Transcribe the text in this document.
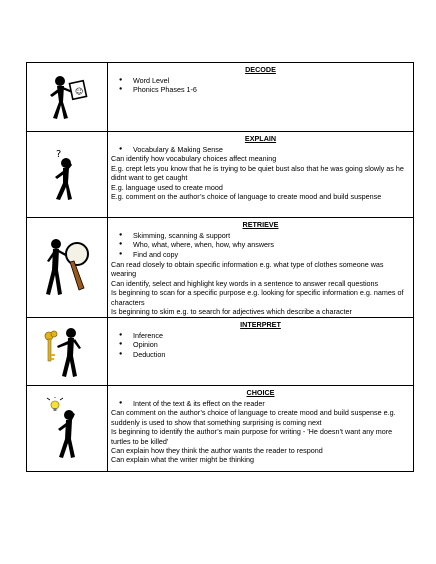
☺
DECODE
● Word Level
● Phonics Phases 1-6
?
EXPLAIN
● Vocabulary & Making Sense
Can identify how vocabulary choices affect meaning
E.g. crept lets you know that he is trying to be quiet bust also that he was going slowly as he didnt want to get caught
E.g. language used to create mood
E.g. comment on the author’s choice of language to create mood and build suspense
RETRIEVE
● Skimming, scanning & support
● Who, what, where, when, how, why answers
● Find and copy
Can read closely to obtain specific information e.g. what type of clothes someone was wearing
Can identify, select and highlight key words in a sentence to answer recall questions
Is beginning to scan for a specific purpose e.g. looking for specific information e.g. names of characters
Is beginning to skim e.g. to search for adjectives which describe a character
INTERPRET
● Inference
● Opinion
● Deduction
CHOICE
● Intent of the text & its effect on the reader
Can comment on the author’s choice of language to create mood and build suspense e.g. suddenly is used to show that something surprising is coming next
Is beginning to identify the author’s main purpose for writing - 'He doesn’t want any more turtles to be killed'
Can explain how they think the author wants the reader to respond
Can explain what the writer might be thinking
